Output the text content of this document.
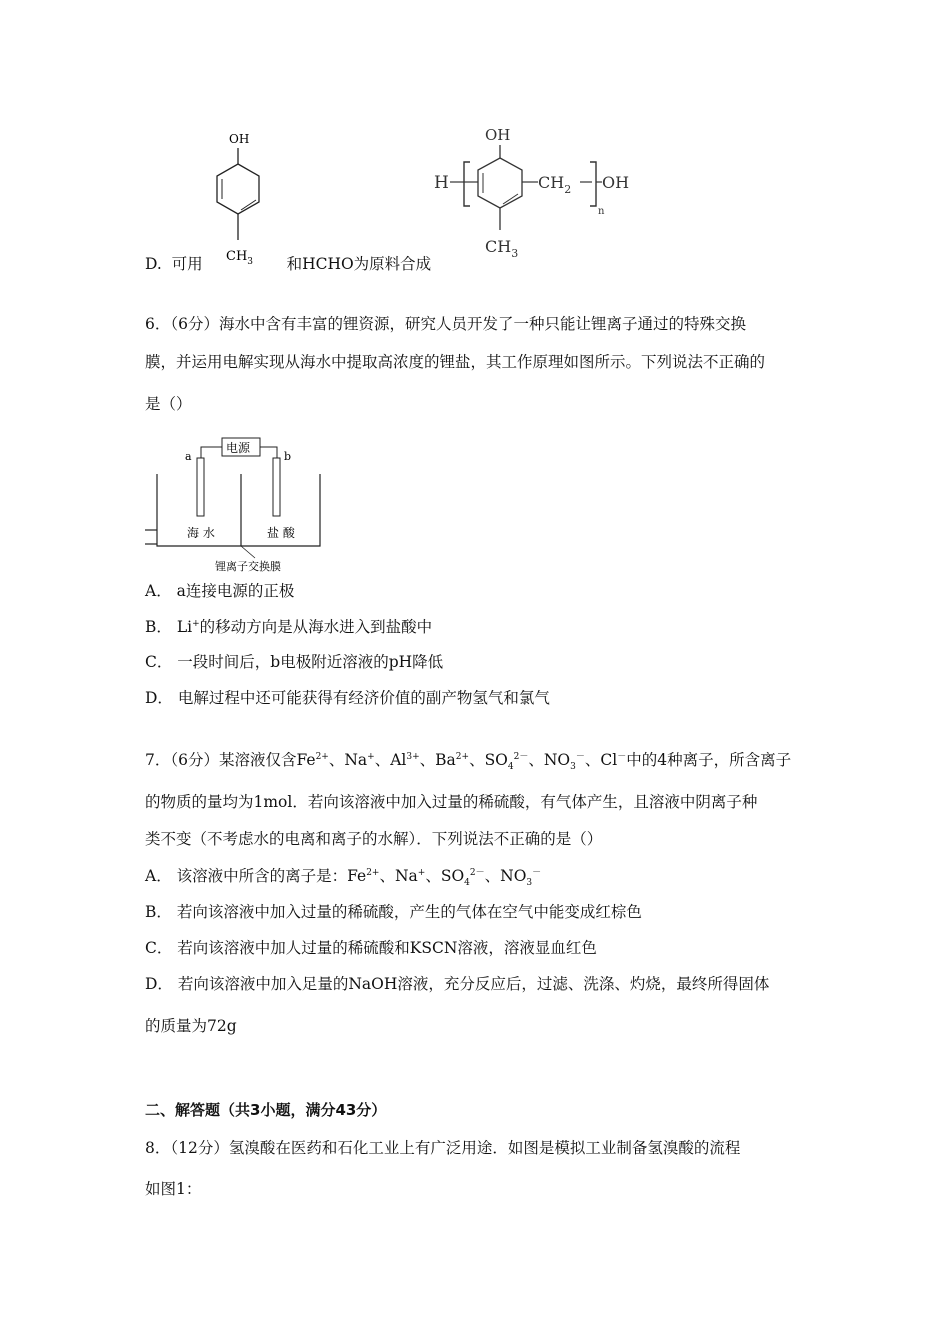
OH
$CH_3$
D. 可用	和HCHO为原料合成
OH
H	$CH_2$
n
OH
$CH_3$
6．（6分）海水中含有丰富的锂资源，研究人员开发了一种只能让锂离子通过的特殊交换
膜，并运用电解实现从海水中提取高浓度的锂盐，其工作原理如图所示。下列说法不正确的
是（）
电源
a	b
海 水	盐 酸
锂离子交换膜
A． a连接电源的正极
B． Li+的移动方向是从海水进入到盐酸中
C． 一段时间后，b电极附近溶液的pH降低
D． 电解过程中还可能获得有经济价值的副产物氢气和氯气
7．（6分）某溶液仅含$Fe^{2+}$、Na+、$Al^{3+}$、$Ba^{2+}$、$SO_4^{2-}$、$NO_3^-$、Cl－中的4种离子，所含离子
的物质的量均为1mol．若向该溶液中加入过量的稀硫酸，有气体产生，且溶液中阴离子种
类不变（不考虑水的电离和离子的水解）．下列说法不正确的是（）
A． 该溶液中所含的离子是：$Fe^{2+}$、Na+、$SO_4^{2-}$、$NO_3^-$
B． 若向该溶液中加入过量的稀硫酸，产生的气体在空气中能变成红棕色
C． 若向该溶液中加人过量的稀硫酸和KSCN溶液，溶液显血红色
D． 若向该溶液中加入足量的NaOH溶液，充分反应后，过滤、洗涤、灼烧，最终所得固体
的质量为72g
二、解答题（共3小题，满分43分）
8．（12分）氢溴酸在医药和石化工业上有广泛用途．如图是模拟工业制备氢溴酸的流程
如图1：
